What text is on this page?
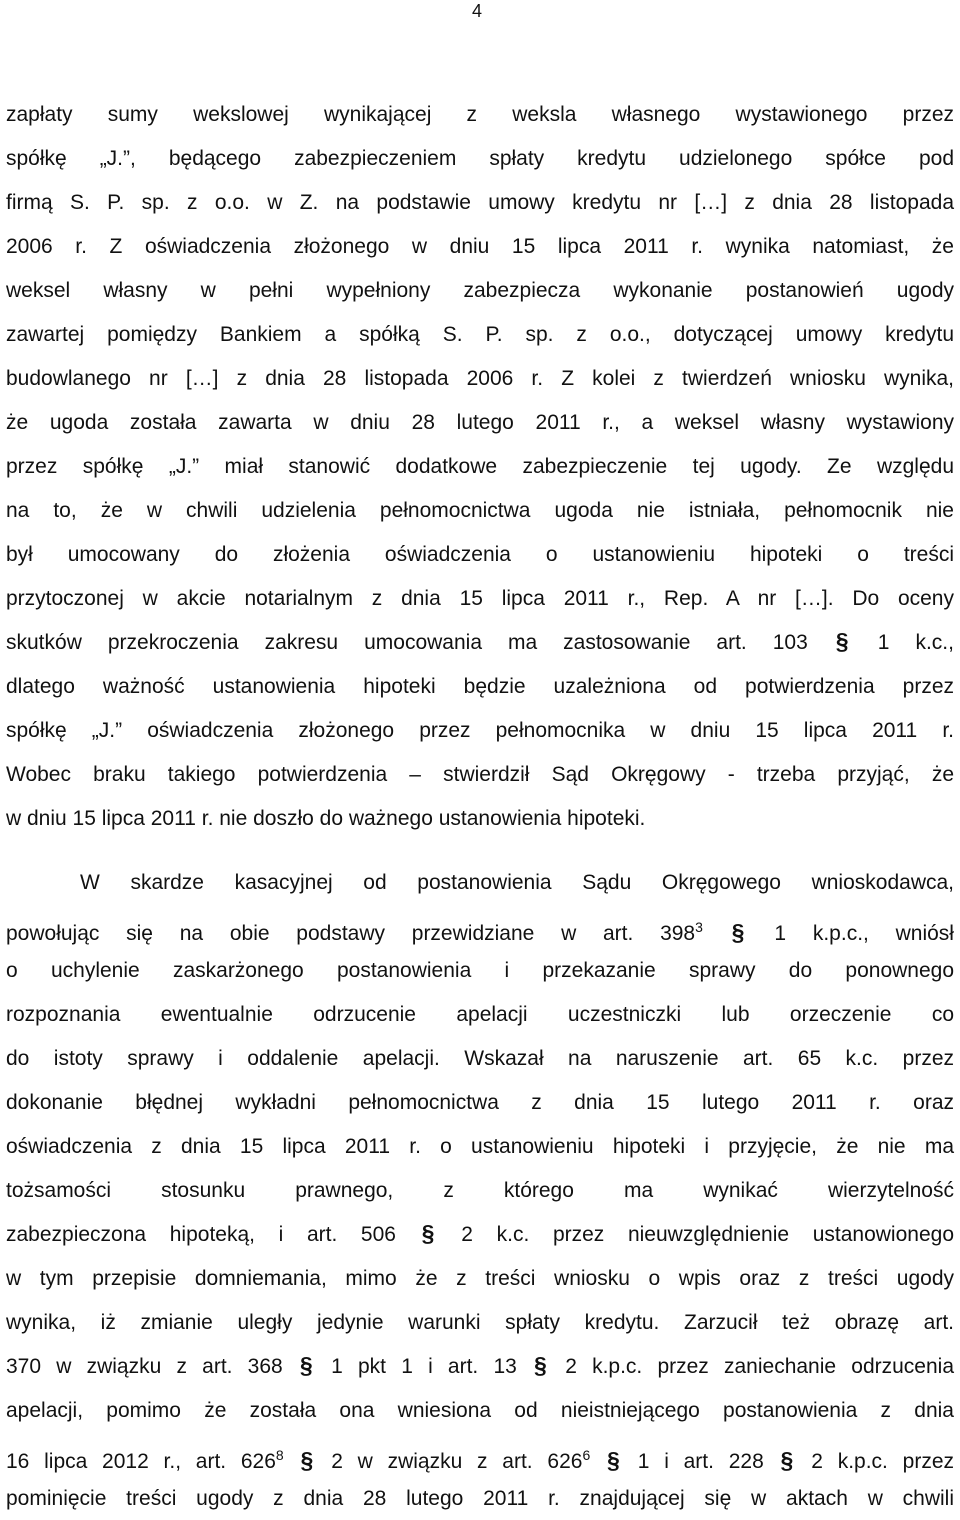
4
zapłaty sumy wekslowej wynikającej z weksla własnego wystawionego przez
spółkę „J.”, będącego zabezpieczeniem spłaty kredytu udzielonego spółce pod
firmą S. P. sp. z o.o. w Z. na podstawie umowy kredytu nr […] z dnia 28 listopada
2006 r. Z oświadczenia złożonego w dniu 15 lipca 2011 r. wynika natomiast, że
weksel własny w pełni wypełniony zabezpiecza wykonanie postanowień ugody
zawartej pomiędzy Bankiem a spółką S. P. sp. z o.o., dotyczącej umowy kredytu
budowlanego nr […] z dnia 28 listopada 2006 r. Z kolei z twierdzeń wniosku wynika,
że ugoda została zawarta w dniu 28 lutego 2011 r., a weksel własny wystawiony
przez spółkę „J.” miał stanowić dodatkowe zabezpieczenie tej ugody. Ze względu
na to, że w chwili udzielenia pełnomocnictwa ugoda nie istniała, pełnomocnik nie
był umocowany do złożenia oświadczenia o ustanowieniu hipoteki o treści
przytoczonej w akcie notarialnym z dnia 15 lipca 2011 r., Rep. A nr […]. Do oceny
skutków przekroczenia zakresu umocowania ma zastosowanie art. 103 §	1 k.c.,
dlatego ważność ustanowienia hipoteki będzie uzależniona od potwierdzenia przez
spółkę „J.” oświadczenia złożonego przez pełnomocnika w dniu 15 lipca 2011 r.
Wobec braku takiego potwierdzenia – stwierdził Sąd Okręgowy - trzeba przyjąć, że
w dniu 15 lipca 2011 r. nie doszło do ważnego ustanowienia hipoteki.
W skardze kasacyjnej od postanowienia Sądu Okręgowego wnioskodawca,
powołując się na obie podstawy przewidziane w art. $398^3$ §	1 k.p.c., wniósł
o uchylenie zaskarżonego postanowienia i przekazanie sprawy do ponownego
rozpoznania ewentualnie odrzucenie apelacji uczestniczki lub orzeczenie co
do istoty sprawy i oddalenie apelacji. Wskazał na naruszenie art. 65 k.c. przez
dokonanie błędnej wykładni pełnomocnictwa z dnia 15 lutego 2011 r. oraz
oświadczenia z dnia 15 lipca 2011 r. o ustanowieniu hipoteki i przyjęcie, że nie ma
tożsamości stosunku prawnego, z którego ma wynikać wierzytelność
zabezpieczona hipoteką, i art. 506 §	2 k.c. przez nieuwzględnienie ustanowionego
w tym przepisie domniemania, mimo że z treści wniosku o wpis oraz z treści ugody
wynika, iż zmianie uległy jedynie warunki spłaty kredytu. Zarzucił też obrazę art.
370 w związku z art. 368 § 1 pkt 1 i art. 13 § 2 k.p.c. przez zaniechanie odrzucenia
apelacji, pomimo że została ona wniesiona od nieistniejącego postanowienia z dnia
16 lipca 2012 r., art. $626^8$ § 2 w związku z art. $626^6$ § 1 i art. 228 § 2 k.p.c. przez
pominięcie treści ugody z dnia 28 lutego 2011 r. znajdującej się w aktach w chwili
